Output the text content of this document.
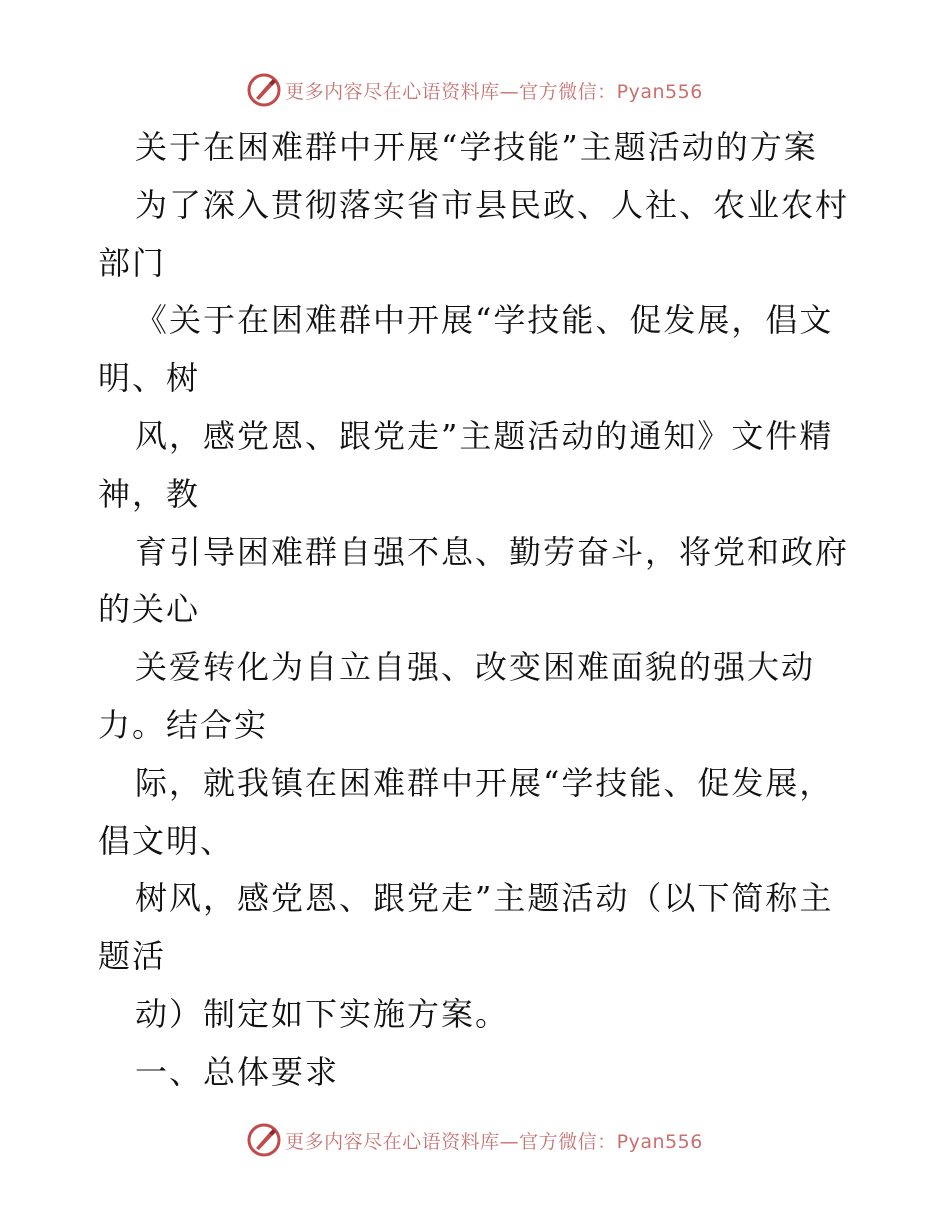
更多内容尽在心语资料库—官方微信：Pyan556
关于在困难群中开展“学技能”主题活动的方案
为了深入贯彻落实省市县民政、人社、农业农村
部门
《关于在困难群中开展“学技能、促发展，倡文
明、树
风，感党恩、跟党走”主题活动的通知》文件精
神，教
育引导困难群自强不息、勤劳奋斗，将党和政府
的关心
关爱转化为自立自强、改变困难面貌的强大动
力。结合实
际，就我镇在困难群中开展“学技能、促发展，
倡文明、
树风，感党恩、跟党走”主题活动（以下简称主
题活
动）制定如下实施方案。
一、总体要求
更多内容尽在心语资料库—官方微信：Pyan556
